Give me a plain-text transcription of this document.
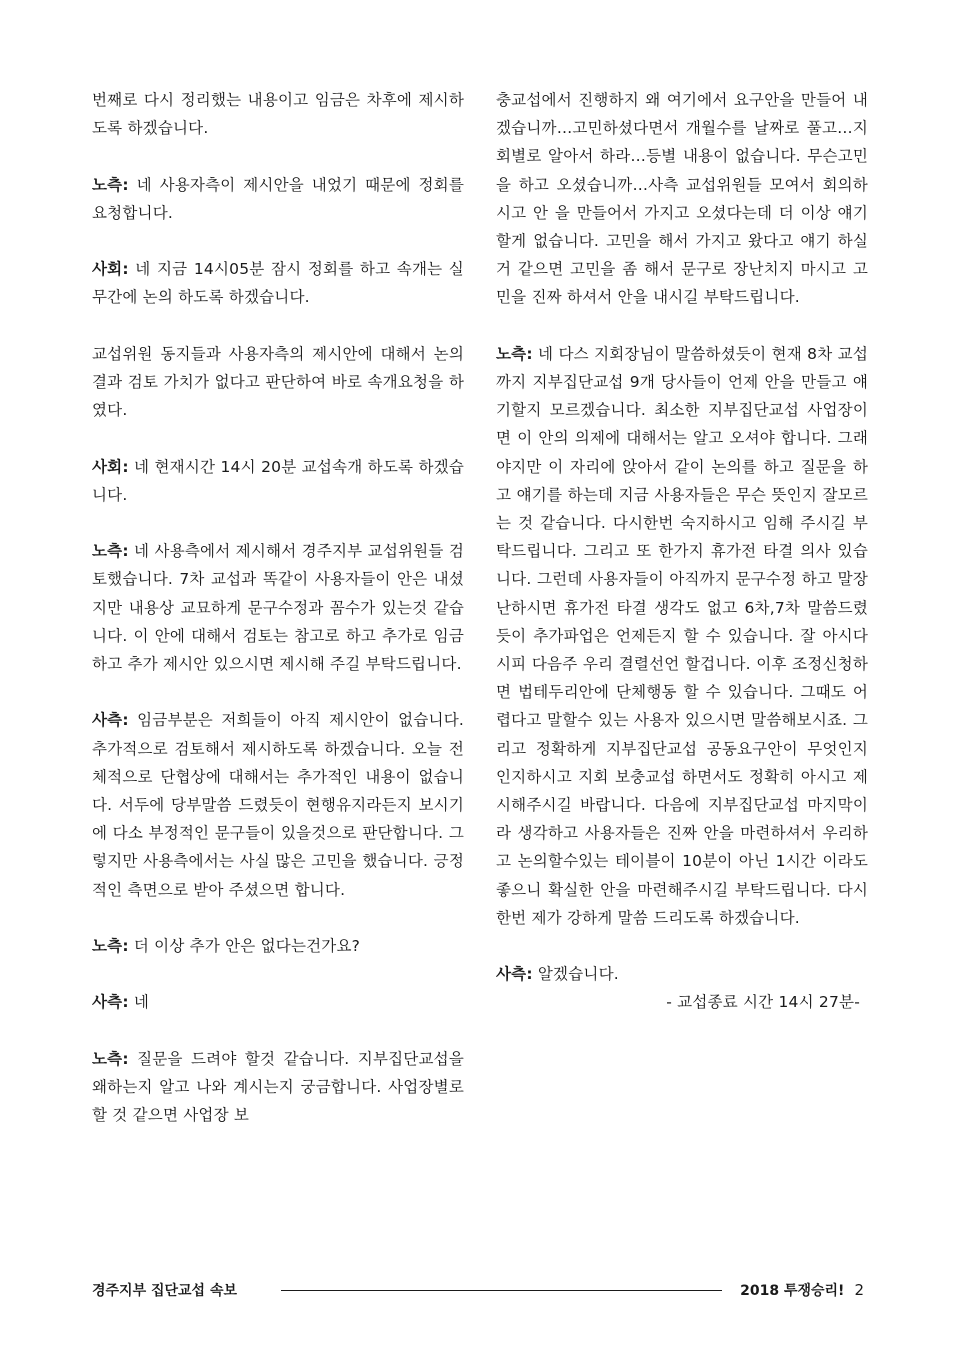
번째로 다시 정리했는 내용이고 임금은 차후에 제시하도록 하겠습니다.

노측: 네 사용자측이 제시안을 내었기 때문에 정회를 요청합니다.

사회: 네 지금 14시05분 잠시 정회를 하고 속개는 실무간에 논의 하도록 하겠습니다.

교섭위원 동지들과 사용자측의 제시안에 대해서 논의결과 검토 가치가 없다고 판단하여 바로 속개요청을 하였다.

사회: 네 현재시간 14시 20분 교섭속개 하도록 하겠습니다.

노측: 네 사용측에서 제시해서 경주지부 교섭위원들 검토했습니다. 7차 교섭과 똑같이 사용자들이 안은 내셨지만 내용상 교묘하게 문구수정과 꼼수가 있는것 같습니다. 이 안에 대해서 검토는 참고로 하고 추가로 임금하고 추가 제시안 있으시면 제시해 주길 부탁드립니다.

사측: 임금부분은 저희들이 아직 제시안이 없습니다. 추가적으로 검토해서 제시하도록 하겠습니다. 오늘 전체적으로 단협상에 대해서는 추가적인 내용이 없습니다. 서두에 당부말씀 드렸듯이 현행유지라든지 보시기에 다소 부정적인 문구들이 있을것으로 판단합니다. 그렇지만 사용측에서는 사실 많은 고민을 했습니다. 긍정적인 측면으로 받아 주셨으면 합니다.

노측: 더 이상 추가 안은 없다는건가요?

사측: 네

노측: 질문을 드려야 할것 같습니다. 지부집단교섭을 왜하는지 알고 나와 계시는지 궁금합니다. 사업장별로 할 것 같으면 사업장 보

충교섭에서 진행하지 왜 여기에서 요구안을 만들어 내겠습니까…고민하셨다면서 개월수를 날짜로 풀고…지회별로 알아서 하라…등별 내용이 없습니다. 무슨고민을 하고 오셨습니까…사측 교섭위원들 모여서 회의하시고 안 을 만들어서 가지고 오셨다는데 더 이상 얘기할게 없습니다. 고민을 해서 가지고 왔다고 얘기 하실거 같으면 고민을 좀 해서 문구로 장난치지 마시고 고민을 진짜 하셔서 안을 내시길 부탁드립니다.

노측: 네 다스 지회장님이 말씀하셨듯이 현재 8차 교섭까지 지부집단교섭 9개 당사들이 언제 안을 만들고 얘기할지 모르겠습니다. 최소한 지부집단교섭 사업장이면 이 안의 의제에 대해서는 알고 오셔야 합니다. 그래야지만 이 자리에 앉아서 같이 논의를 하고 질문을 하고 얘기를 하는데 지금 사용자들은 무슨 뜻인지 잘모르는 것 같습니다. 다시한번 숙지하시고 임해 주시길 부탁드립니다. 그리고 또 한가지 휴가전 타결 의사 있습니다. 그런데 사용자들이 아직까지 문구수정 하고 말장난하시면 휴가전 타결 생각도 없고 6차,7차 말씀드렸듯이 추가파업은 언제든지 할 수 있습니다. 잘 아시다시피 다음주 우리 결렬선언 할겁니다. 이후 조정신청하면 법테두리안에 단체행동 할 수 있습니다. 그때도 어렵다고 말할수 있는 사용자 있으시면 말씀해보시죠. 그리고 정확하게 지부집단교섭 공동요구안이 무엇인지 인지하시고 지회 보충교섭 하면서도 정확히 아시고 제시해주시길 바랍니다. 다음에 지부집단교섭 마지막이라 생각하고 사용자들은 진짜 안을 마련하셔서 우리하고 논의할수있는 테이블이 10분이 아닌 1시간 이라도 좋으니 확실한 안을 마련해주시길 부탁드립니다. 다시한번 제가 강하게 말씀 드리도록 하겠습니다.

사측: 알겠습니다.

- 교섭종료 시간 14시 27분-

경주지부 집단교섭 속보	2018 투쟁승리! 2
